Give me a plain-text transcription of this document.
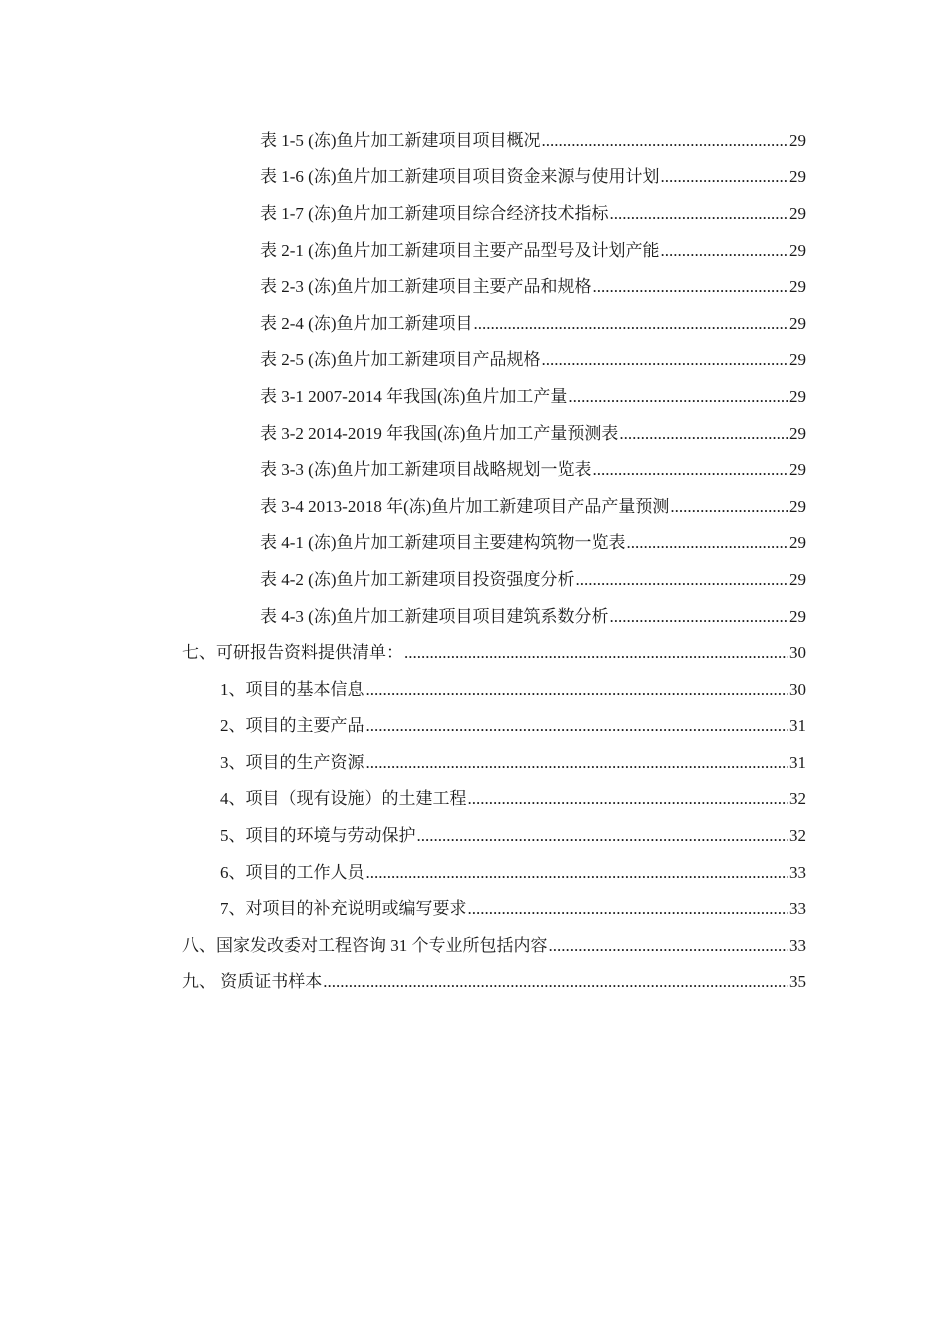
表 1-5 (冻)鱼片加工新建项目项目概况 .....	29
表 1-6 (冻)鱼片加工新建项目项目资金来源与使用计划 .....	29
表 1-7 (冻)鱼片加工新建项目综合经济技术指标 .....	29
表 2-1 (冻)鱼片加工新建项目主要产品型号及计划产能 .....	29
表 2-3 (冻)鱼片加工新建项目主要产品和规格 .....	29
表 2-4 (冻)鱼片加工新建项目 .....	29
表 2-5 (冻)鱼片加工新建项目产品规格 .....	29
表 3-1 2007-2014 年我国(冻)鱼片加工产量 .....	29
表 3-2 2014-2019 年我国(冻)鱼片加工产量预测表 .....	29
表 3-3 (冻)鱼片加工新建项目战略规划一览表 .....	29
表 3-4 2013-2018 年(冻)鱼片加工新建项目产品产量预测 .....	29
表 4-1 (冻)鱼片加工新建项目主要建构筑物一览表 .....	29
表 4-2 (冻)鱼片加工新建项目投资强度分析 .....	29
表 4-3 (冻)鱼片加工新建项目项目建筑系数分析 .....	29
七、可研报告资料提供清单： .....	30
1、项目的基本信息 .....	30
2、项目的主要产品 .....	31
3、项目的生产资源 .....	31
4、项目（现有设施）的土建工程 .....	32
5、项目的环境与劳动保护 .....	32
6、项目的工作人员 .....	33
7、对项目的补充说明或编写要求 .....	33
八、国家发改委对工程咨询 31 个专业所包括内容 .....	33
九、 资质证书样本 .....	35
